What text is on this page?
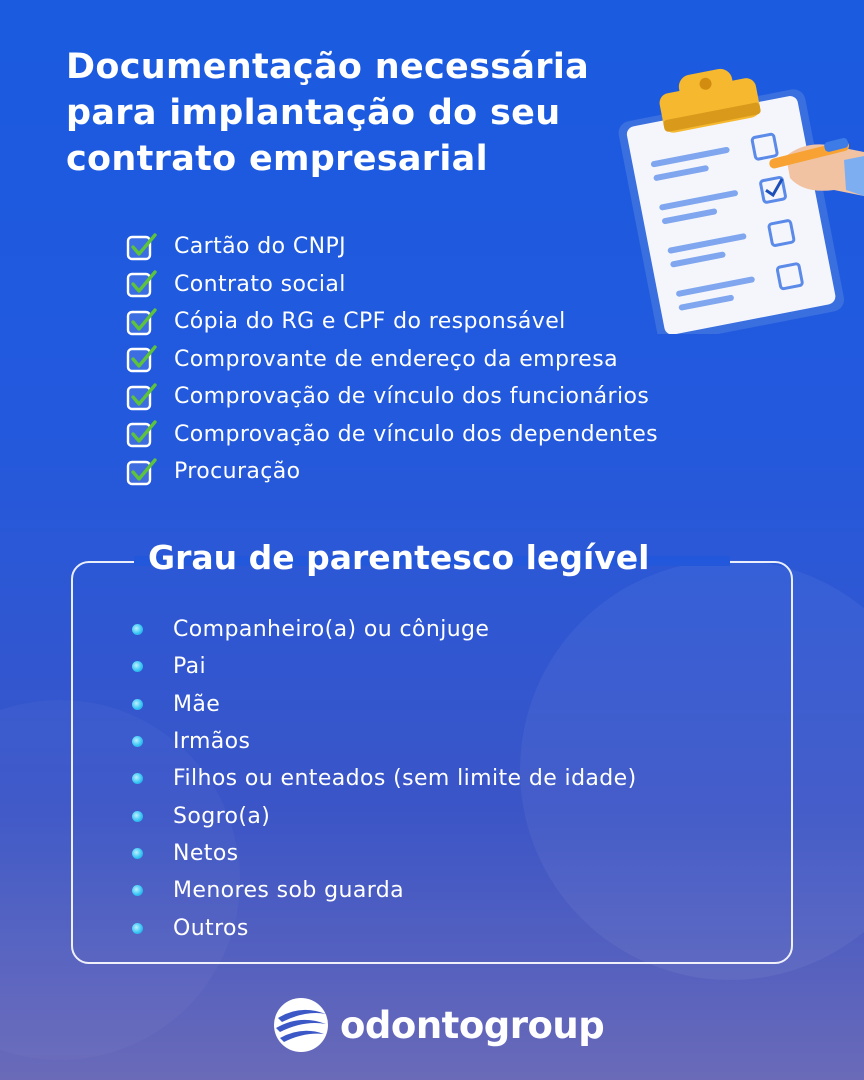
Documentação necessária
para implantação do seu
contrato empresarial
Cartão do CNPJ
Contrato social
Cópia do RG e CPF do responsável
Comprovante de endereço da empresa
Comprovação de vínculo dos funcionários
Comprovação de vínculo dos dependentes
Procuração
Grau de parentesco legível
Companheiro(a) ou cônjuge
Pai
Mãe
Irmãos
Filhos ou enteados (sem limite de idade)
Sogro(a)
Netos
Menores sob guarda
Outros
odontogroup
